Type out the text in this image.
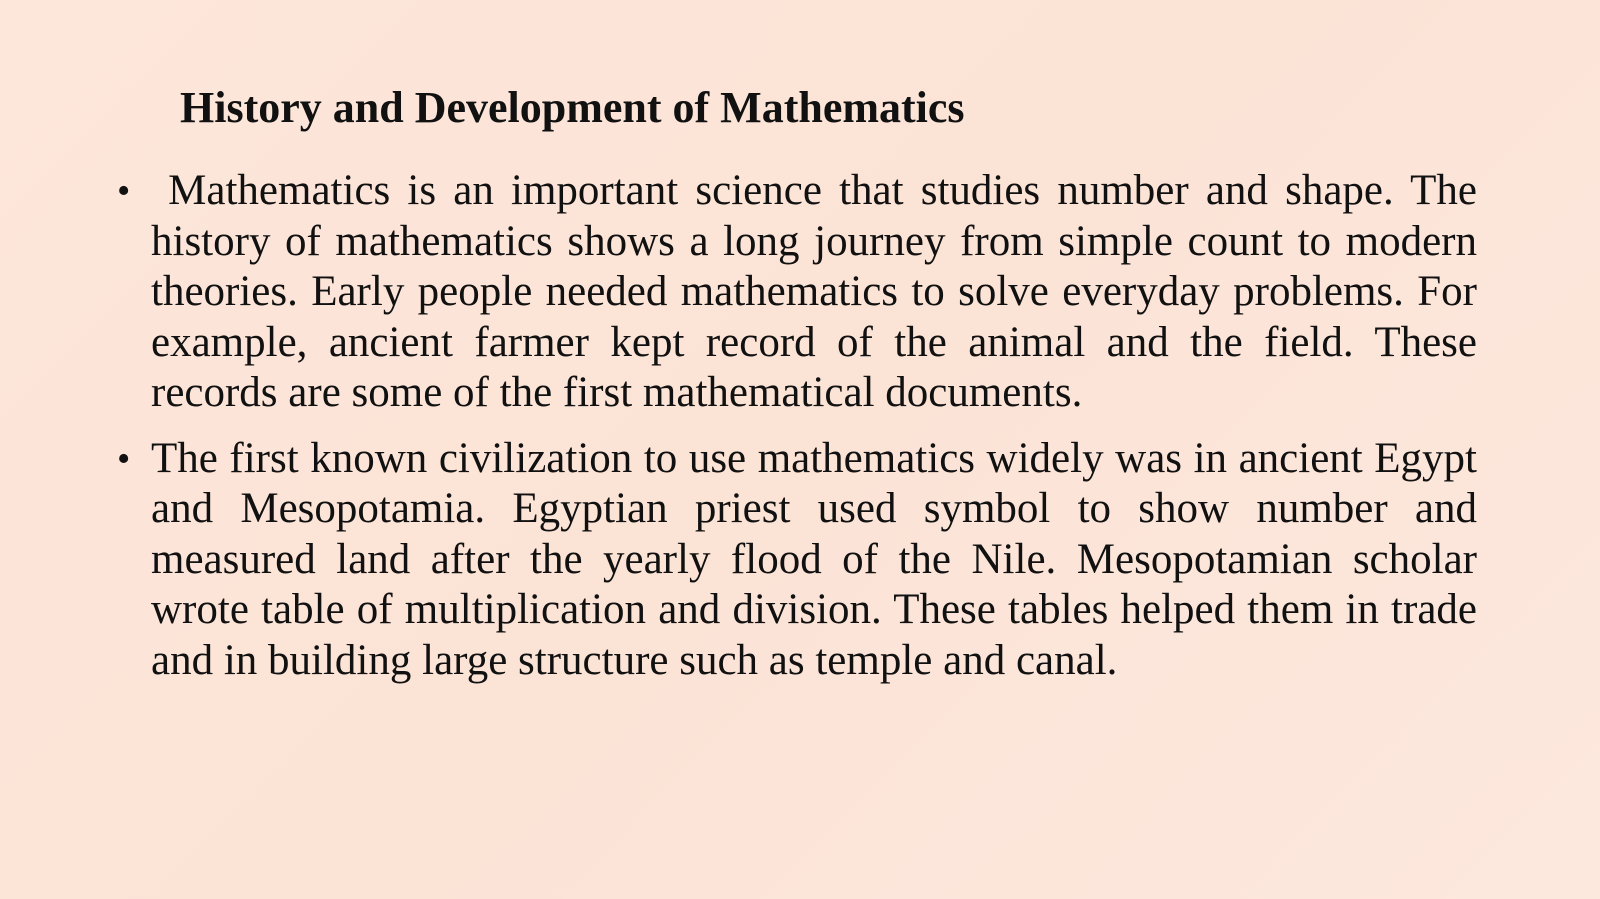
History and Development of Mathematics
• Mathematics is an important science that studies number and shape. The history of mathematics shows a long journey from simple count to modern theories. Early people needed mathematics to solve everyday problems. For example, ancient farmer kept record of the animal and the field. These records are some of the first mathematical documents.
• The first known civilization to use mathematics widely was in ancient Egypt and Mesopotamia. Egyptian priest used symbol to show number and measured land after the yearly flood of the Nile. Mesopotamian scholar wrote table of multiplication and division. These tables helped them in trade and in building large structure such as temple and canal.
